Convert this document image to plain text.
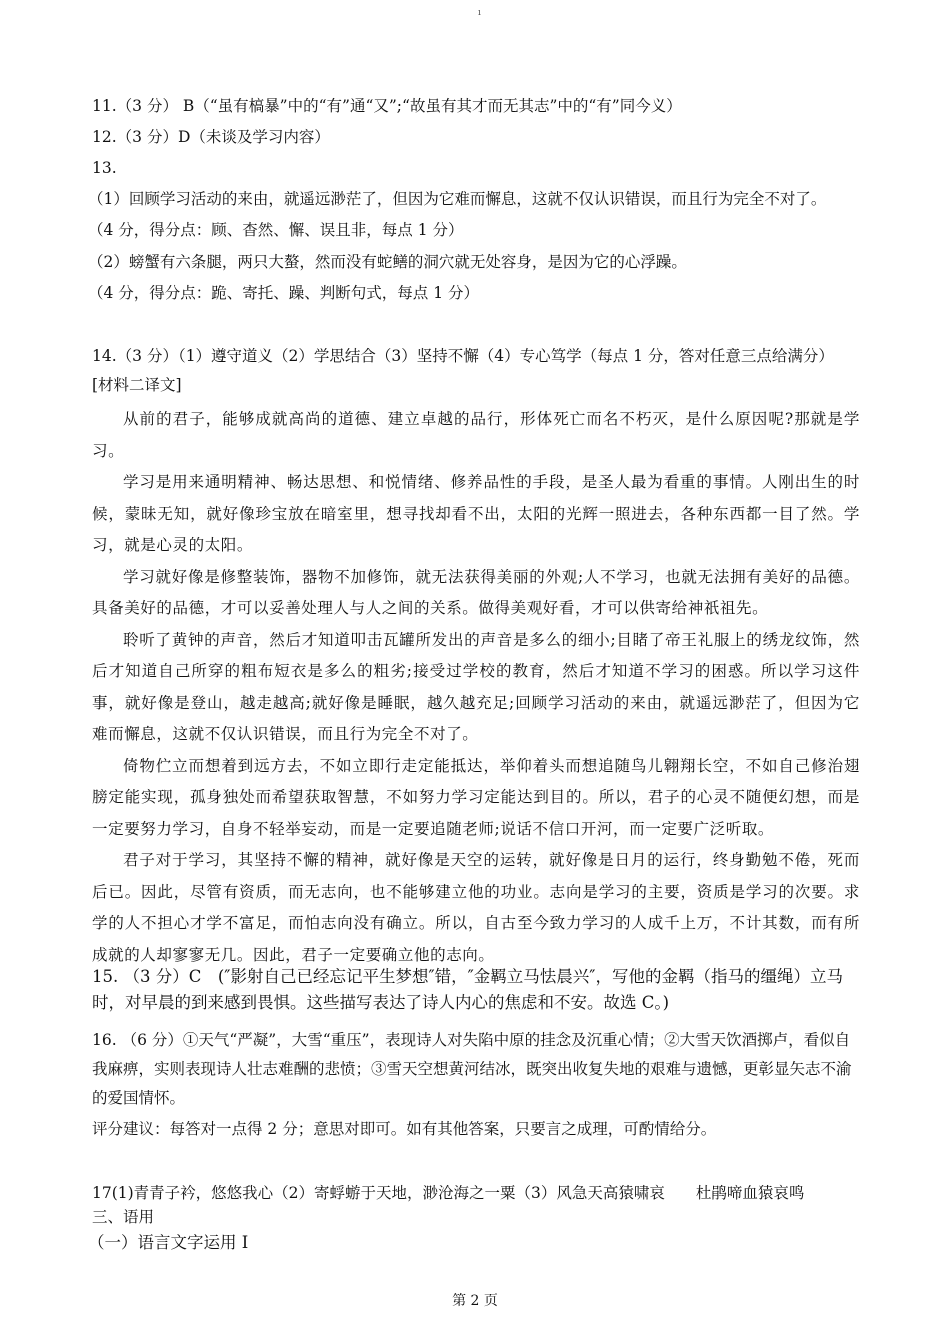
ı
11.（3 分） B（“虽有槁暴”中的“有”通“又”;“故虽有其才而无其志”中的“有”同今义）
12.（3 分）D（未谈及学习内容）
13.
（1）回顾学习活动的来由，就遥远渺茫了，但因为它难而懈息，这就不仅认识错误，而且行为完全不对了。
（4 分，得分点：顾、杳然、懈、误且非，每点 1 分）
（2）螃蟹有六条腿，两只大螯，然而没有蛇鳝的洞穴就无处容身，是因为它的心浮躁。
（4 分，得分点：跪、寄托、躁、判断句式，每点 1 分）
14.（3 分）（1）遵守道义（2）学思结合（3）坚持不懈（4）专心笃学（每点 1 分，答对任意三点给满分）
[材料二译文]

从前的君子，能够成就高尚的道德、建立卓越的品行，形体死亡而名不朽灭，是什么原因呢?那就是学习。

学习是用来通明精神、畅达思想、和悦情绪、修养品性的手段，是圣人最为看重的事情。人刚出生的时候，蒙昧无知，就好像珍宝放在暗室里，想寻找却看不出，太阳的光辉一照进去，各种东西都一目了然。学习，就是心灵的太阳。

学习就好像是修整装饰，器物不加修饰，就无法获得美丽的外观;人不学习，也就无法拥有美好的品德。具备美好的品德，才可以妥善处理人与人之间的关系。做得美观好看，才可以供寄给神祇祖先。

聆听了黄钟的声音，然后才知道叩击瓦罐所发出的声音是多么的细小;目睹了帝王礼服上的绣龙纹饰，然后才知道自己所穿的粗布短衣是多么的粗劣;接受过学校的教育，然后才知道不学习的困惑。所以学习这件事，就好像是登山，越走越高;就好像是睡眠，越久越充足;回顾学习活动的来由，就遥远渺茫了，但因为它难而懈息，这就不仅认识错误，而且行为完全不对了。

倚物伫立而想着到远方去，不如立即行走定能抵达，举仰着头而想追随鸟儿翱翔长空，不如自己修治翅膀定能实现，孤身独处而希望获取智慧，不如努力学习定能达到目的。所以，君子的心灵不随便幻想，而是一定要努力学习，自身不轻举妄动，而是一定要追随老师;说话不信口开河，而一定要广泛听取。

君子对于学习，其坚持不懈的精神，就好像是天空的运转，就好像是日月的运行，终身勤勉不倦，死而后已。因此，尽管有资质，而无志向，也不能够建立他的功业。志向是学习的主要，资质是学习的次要。求学的人不担心才学不富足，而怕志向没有确立。所以，自古至今致力学习的人成千上万，不计其数，而有所成就的人却寥寥无几。因此，君子一定要确立他的志向。

15. （3 分）C　(″影射自己已经忘记平生梦想″错，″金羁立马怯晨兴″，写他的金羁（指马的缰绳）立马时，对早晨的到来感到畏惧。这些描写表达了诗人内心的焦虑和不安。故选 C。)

16. （6 分）①天气“严凝”，大雪“重压”，表现诗人对失陷中原的挂念及沉重心情；②大雪天饮酒掷卢，看似自我麻痹，实则表现诗人壮志难酬的悲愤；③雪天空想黄河结冰，既突出收复失地的艰难与遗憾，更彰显矢志不渝的爱国情怀。

评分建议：每答对一点得 2 分；意思对即可。如有其他答案，只要言之成理，可酌情给分。
17(1)青青子衿，悠悠我心（2）寄蜉蝣于天地，渺沧海之一粟（3）风急天高猿啸哀　　杜鹃啼血猿哀鸣
三、语用
（一）语言文字运用 I
第 2 页
